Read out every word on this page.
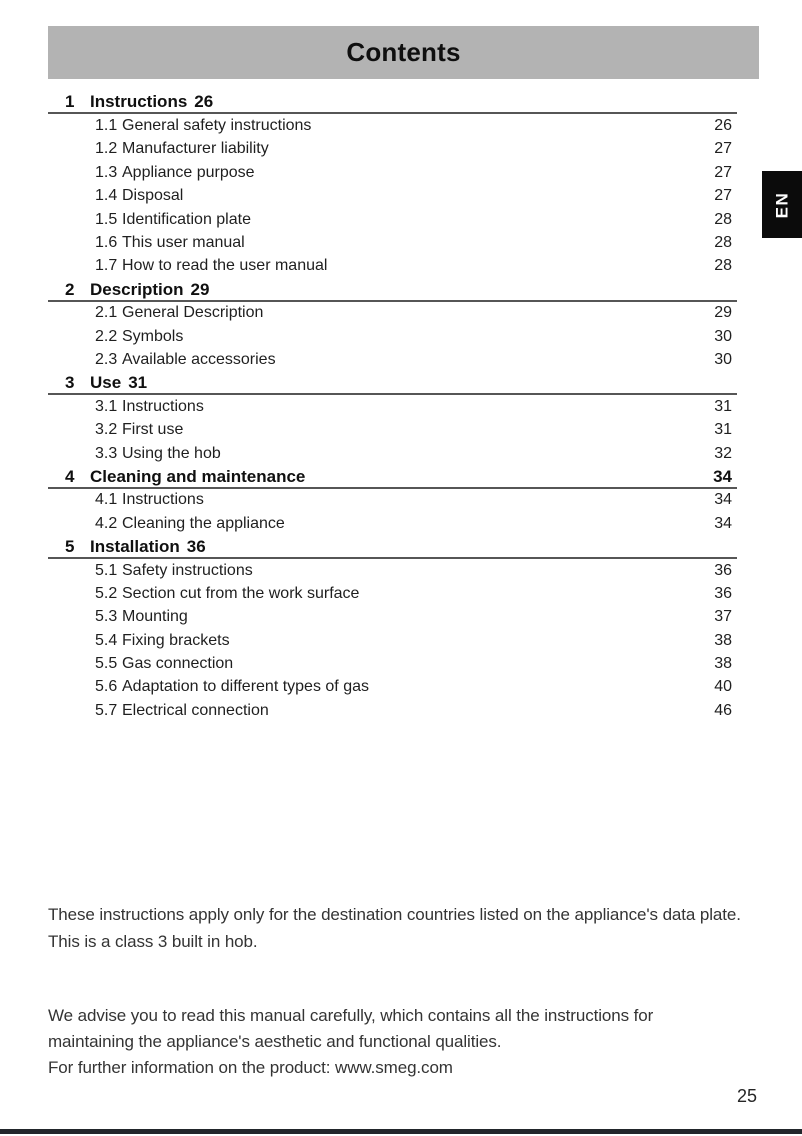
Contents
EN
1 Instructions 26
1.1 General safety instructions	26
1.2 Manufacturer liability	27
1.3 Appliance purpose	27
1.4 Disposal	27
1.5 Identification plate	28
1.6 This user manual	28
1.7 How to read the user manual	28
2 Description 29
2.1 General Description	29
2.2 Symbols	30
2.3 Available accessories	30
3 Use 31
3.1 Instructions	31
3.2 First use	31
3.3 Using the hob	32
4 Cleaning and maintenance	34
4.1 Instructions	34
4.2 Cleaning the appliance	34
5 Installation 36
5.1 Safety instructions	36
5.2 Section cut from the work surface	36
5.3 Mounting	37
5.4 Fixing brackets	38
5.5 Gas connection	38
5.6 Adaptation to different types of gas	40
5.7 Electrical connection	46
These instructions apply only for the destination countries listed on the appliance's data plate.
This is a class 3 built in hob.
We advise you to read this manual carefully, which contains all the instructions for
maintaining the appliance's aesthetic and functional qualities.
For further information on the product: www.smeg.com
25
